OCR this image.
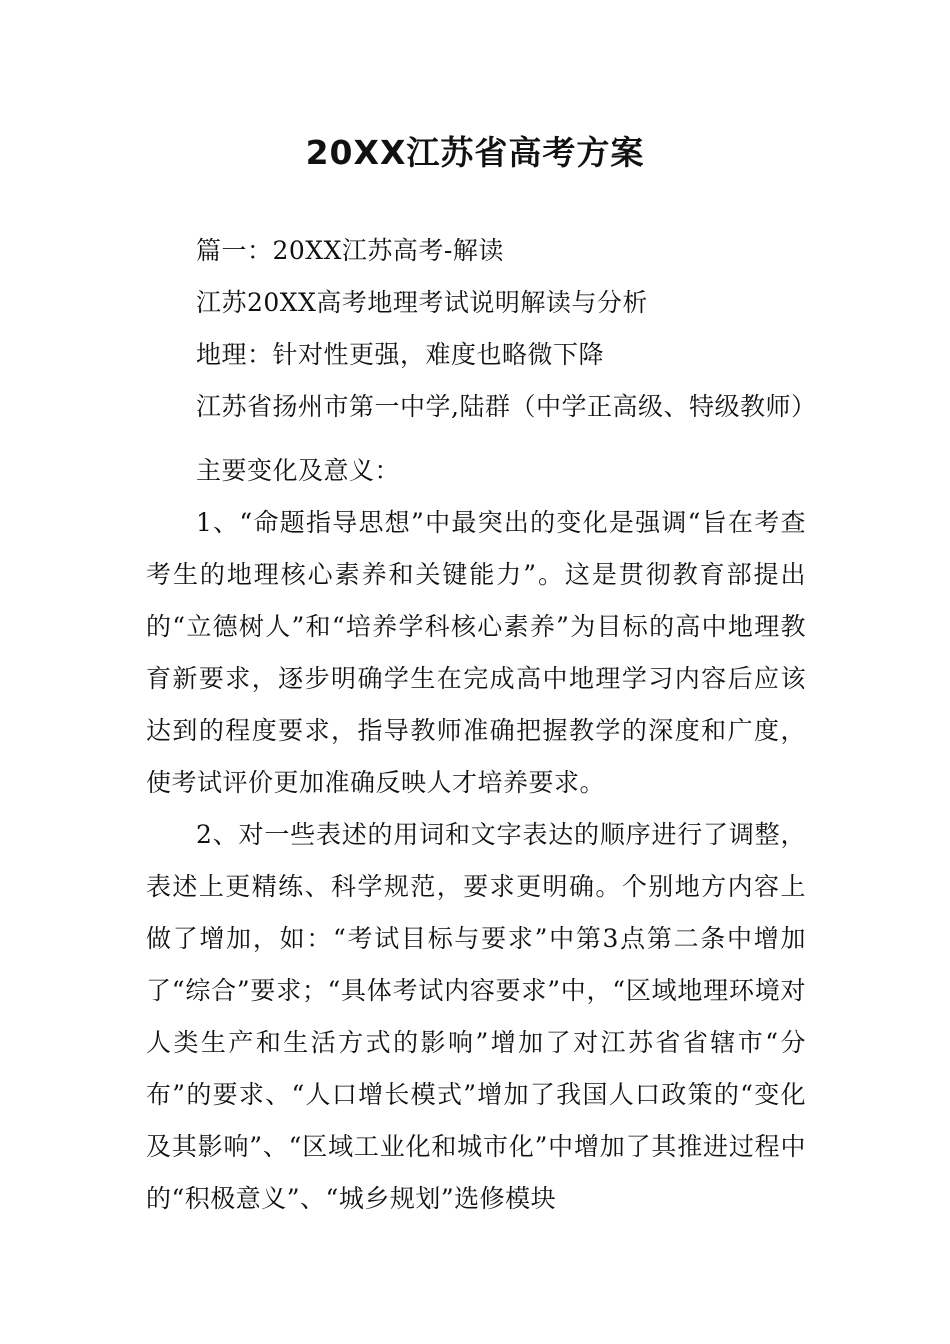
20XX江苏省高考方案

篇一：20XX江苏高考-解读

江苏20XX高考地理考试说明解读与分析

地理：针对性更强，难度也略微下降

江苏省扬州市第一中学,陆群（中学正高级、特级教师）

主要变化及意义：

1、“命题指导思想”中最突出的变化是强调“旨在考查考生的地理核心素养和关键能力”。这是贯彻教育部提出的“立德树人”和“培养学科核心素养”为目标的高中地理教育新要求，逐步明确学生在完成高中地理学习内容后应该达到的程度要求，指导教师准确把握教学的深度和广度，使考试评价更加准确反映人才培养要求。

2、对一些表述的用词和文字表达的顺序进行了调整，表述上更精练、科学规范，要求更明确。个别地方内容上做了增加，如：“考试目标与要求”中第3点第二条中增加了“综合”要求；“具体考试内容要求”中，“区域地理环境对人类生产和生活方式的影响”增加了对江苏省省辖市“分布”的要求、“人口增长模式”增加了我国人口政策的“变化及其影响”、“区域工业化和城市化”中增加了其推进过程中的“积极意义”、“城乡规划”选修模块
